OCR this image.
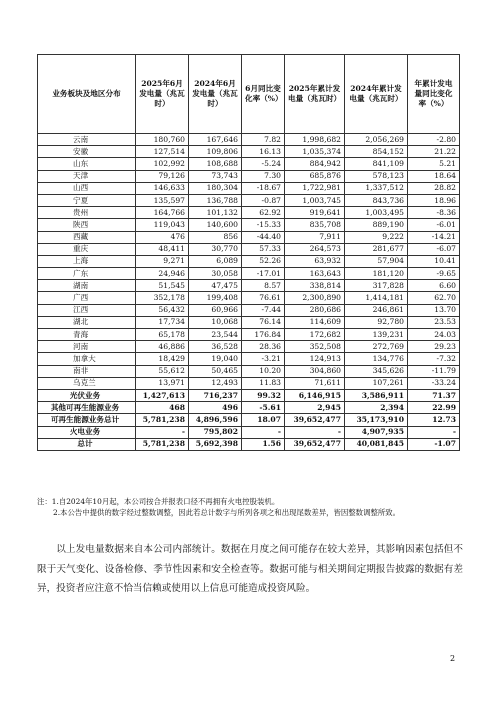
业务板块及地区分布	2025年6月发电量（兆瓦时）	2024年6月发电量（兆瓦时）	6月同比变化率（%）	2025年累计发电量（兆瓦时）	2024年累计发电量（兆瓦时）	年累计发电量同比变化率（%）
云南	180,760	167,646	7.82	1,998,682	2,056,269	-2.80
安徽	127,514	109,806	16.13	1,035,374	854,152	21.22
山东	102,992	108,688	-5.24	884,942	841,109	5.21
天津	79,126	73,743	7.30	685,876	578,123	18.64
山西	146,633	180,304	-18.67	1,722,981	1,337,512	28.82
宁夏	135,597	136,788	-0.87	1,003,745	843,736	18.96
贵州	164,766	101,132	62.92	919,641	1,003,495	-8.36
陕西	119,043	140,600	-15.33	835,708	889,190	-6.01
西藏	476	856	-44.40	7,911	9,222	-14.21
重庆	48,411	30,770	57.33	264,573	281,677	-6.07
上海	9,271	6,089	52.26	63,932	57,904	10.41
广东	24,946	30,058	-17.01	163,643	181,120	-9.65
湖南	51,545	47,475	8.57	338,814	317,828	6.60
广西	352,178	199,408	76.61	2,300,890	1,414,181	62.70
江西	56,432	60,966	-7.44	280,686	246,861	13.70
湖北	17,734	10,068	76.14	114,609	92,780	23.53
青海	65,178	23,544	176.84	172,682	139,231	24.03
河南	46,886	36,528	28.36	352,508	272,769	29.23
加拿大	18,429	19,040	-3.21	124,913	134,776	-7.32
南非	55,612	50,465	10.20	304,860	345,626	-11.79
乌克兰	13,971	12,493	11.83	71,611	107,261	-33.24
光伏业务	1,427,613	716,237	99.32	6,146,915	3,586,911	71.37
其他可再生能源业务	468	496	-5.61	2,945	2,394	22.99
可再生能源业务总计	5,781,238	4,896,596	18.07	39,652,477	35,173,910	12.73
火电业务	-	795,802	-	-	4,907,935	-
总计	5,781,238	5,692,398	1.56	39,652,477	40,081,845	-1.07
注：1.自2024年10月起，本公司按合并报表口径不再拥有火电控股装机。
2.本公告中提供的数字经过整数调整，因此若总计数字与所列各项之和出现尾数差异，皆因整数调整所致。

以上发电量数据来自本公司内部统计。数据在月度之间可能存在较大差异，其影响因素包括但不限于天气变化、设备检修、季节性因素和安全检查等。数据可能与相关期间定期报告披露的数据有差异，投资者应注意不恰当信赖或使用以上信息可能造成投资风险。

2
